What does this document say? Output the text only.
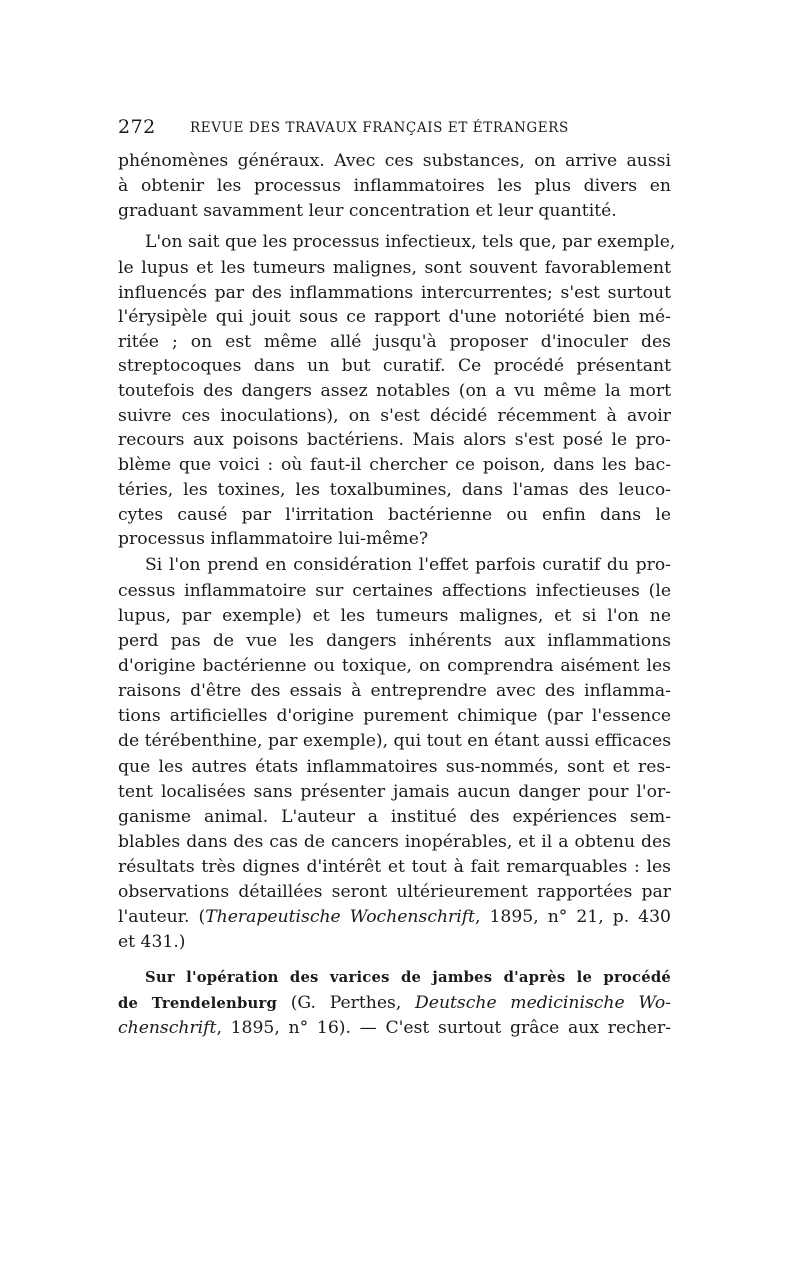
272	REVUE DES TRAVAUX FRANÇAIS ET ÉTRANGERS
phénomènes généraux. Avec ces substances, on arrive aussi
à obtenir les processus inflammatoires les plus divers en
graduant savamment leur concentration et leur quantité.
L'on sait que les processus infectieux, tels que, par exemple,
le lupus et les tumeurs malignes, sont souvent favorablement
influencés par des inflammations intercurrentes; s'est surtout
l'érysipèle qui jouit sous ce rapport d'une notoriété bien mé-
ritée ; on est même allé jusqu'à proposer d'inoculer des
streptocoques dans un but curatif. Ce procédé présentant
toutefois des dangers assez notables (on a vu même la mort
suivre ces inoculations), on s'est décidé récemment à avoir
recours aux poisons bactériens. Mais alors s'est posé le pro-
blème que voici : où faut-il chercher ce poison, dans les bac-
téries, les toxines, les toxalbumines, dans l'amas des leuco-
cytes causé par l'irritation bactérienne ou enfin dans le
processus inflammatoire lui-même?
Si l'on prend en considération l'effet parfois curatif du pro-
cessus inflammatoire sur certaines affections infectieuses (le
lupus, par exemple) et les tumeurs malignes, et si l'on ne
perd pas de vue les dangers inhérents aux inflammations
d'origine bactérienne ou toxique, on comprendra aisément les
raisons d'être des essais à entreprendre avec des inflamma-
tions artificielles d'origine purement chimique (par l'essence
de térébenthine, par exemple), qui tout en étant aussi efficaces
que les autres états inflammatoires sus-nommés, sont et res-
tent localisées sans présenter jamais aucun danger pour l'or-
ganisme animal. L'auteur a institué des expériences sem-
blables dans des cas de cancers inopérables, et il a obtenu des
résultats très dignes d'intérêt et tout à fait remarquables : les
observations détaillées seront ultérieurement rapportées par
l'auteur. (Therapeutische Wochenschrift, 1895, n° 21, p. 430
et 431.)
Sur l'opération des varices de jambes d'après le procédé
de Trendelenburg (G. Perthes, Deutsche medicinische Wo-
chenschrift, 1895, n° 16). — C'est surtout grâce aux recher-
